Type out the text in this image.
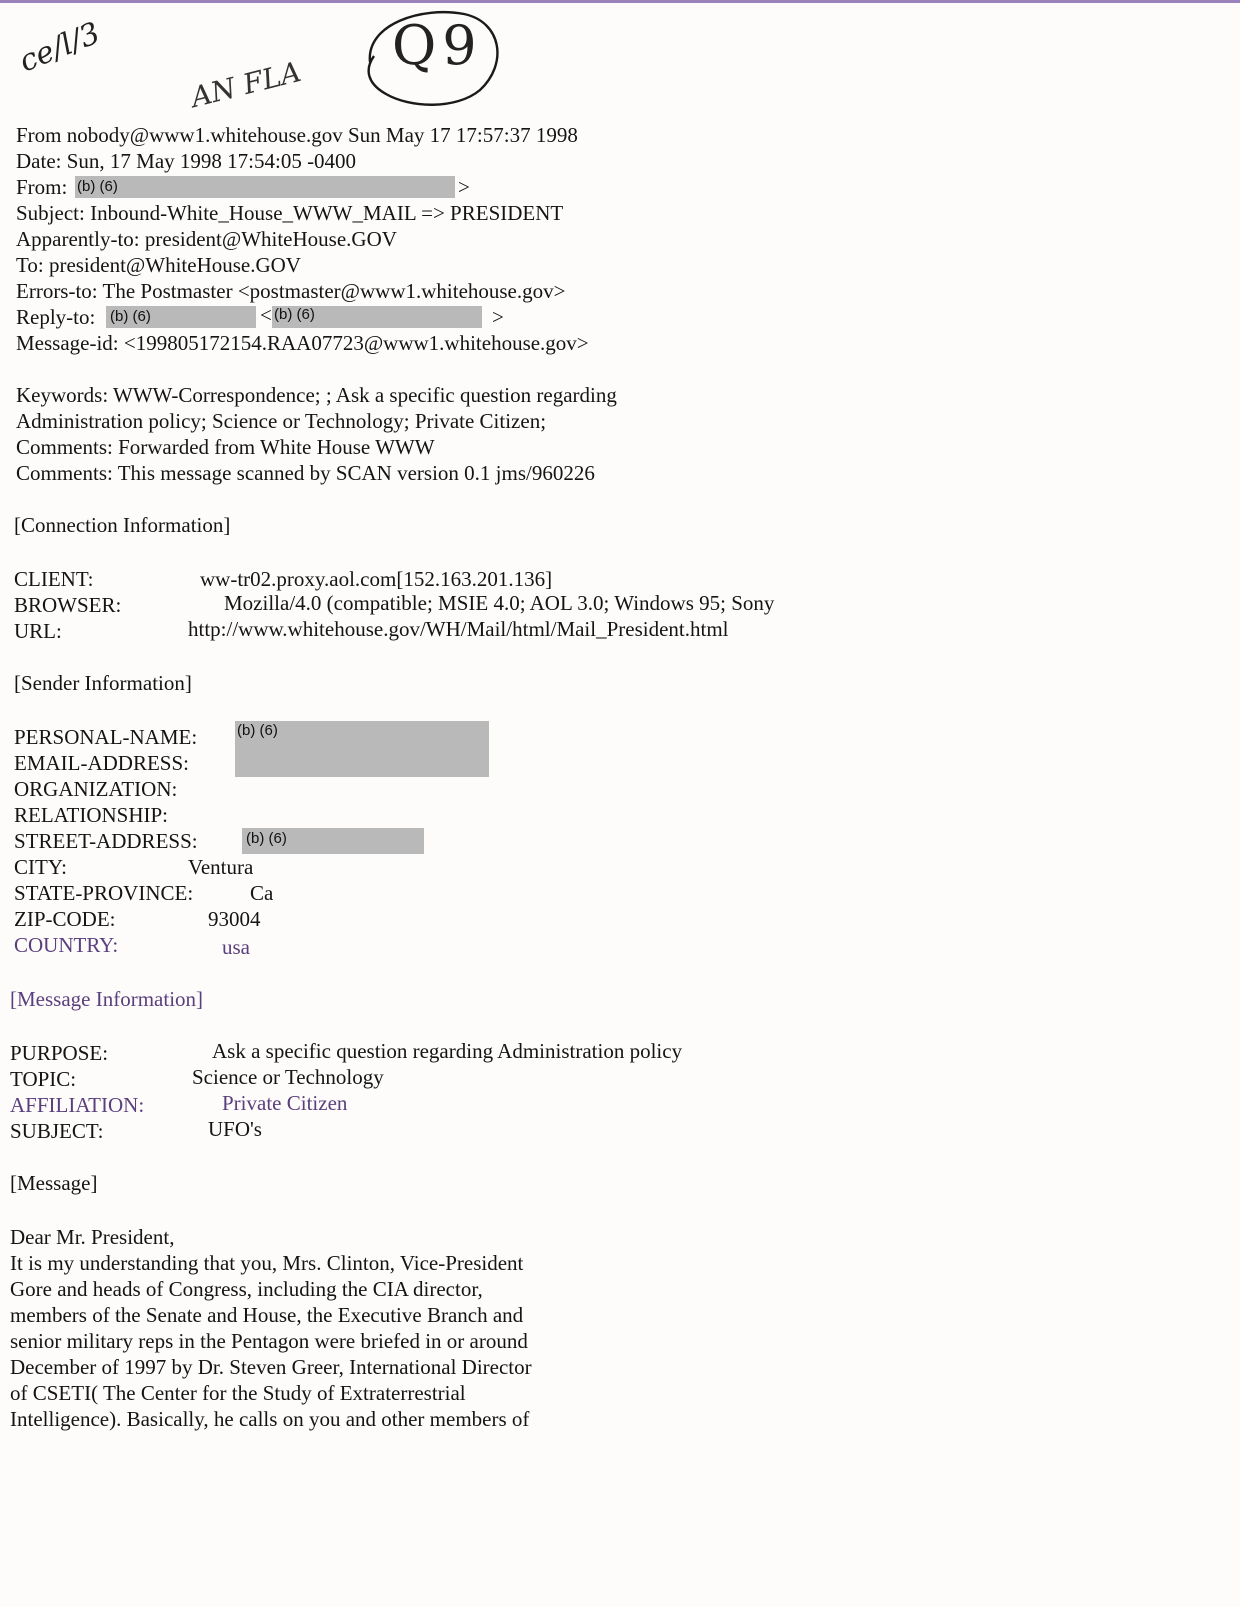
ce/l/3
AN FLA
Q9
From nobody@www1.whitehouse.gov Sun May 17 17:57:37 1998
Date: Sun, 17 May 1998 17:54:05 -0400
From: (b) (6)	>
Subject: Inbound-White_House_WWW_MAIL => PRESIDENT
Apparently-to: president@WhiteHouse.GOV
To: president@WhiteHouse.GOV
Errors-to: The Postmaster <postmaster@www1.whitehouse.gov>
Reply-to: (b) (6)	< (b) (6)	>
Message-id: <199805172154.RAA07723@www1.whitehouse.gov>
Keywords: WWW-Correspondence; ; Ask a specific question regarding
Administration policy; Science or Technology; Private Citizen;
Comments: Forwarded from White House WWW
Comments: This message scanned by SCAN version 0.1 jms/960226
[Connection Information]
CLIENT:	ww-tr02.proxy.aol.com[152.163.201.136]
BROWSER:	Mozilla/4.0 (compatible; MSIE 4.0; AOL 3.0; Windows 95; Sony
URL:	http://www.whitehouse.gov/WH/Mail/html/Mail_President.html
[Sender Information]
PERSONAL-NAME:	(b) (6)
EMAIL-ADDRESS:
ORGANIZATION:
RELATIONSHIP:
STREET-ADDRESS:	(b) (6)
CITY:	Ventura
STATE-PROVINCE:	Ca
ZIP-CODE:	93004
COUNTRY:	usa
[Message Information]
PURPOSE:	Ask a specific question regarding Administration policy
TOPIC:	Science or Technology
AFFILIATION:	Private Citizen
SUBJECT:	UFO's
[Message]
Dear Mr. President,
It is my understanding that you, Mrs. Clinton, Vice-President
Gore and heads of Congress, including the CIA director,
members of the Senate and House, the Executive Branch and
senior military reps in the Pentagon were briefed in or around
December of 1997 by Dr. Steven Greer, International Director
of CSETI( The Center for the Study of Extraterrestrial
Intelligence). Basically, he calls on you and other members of
